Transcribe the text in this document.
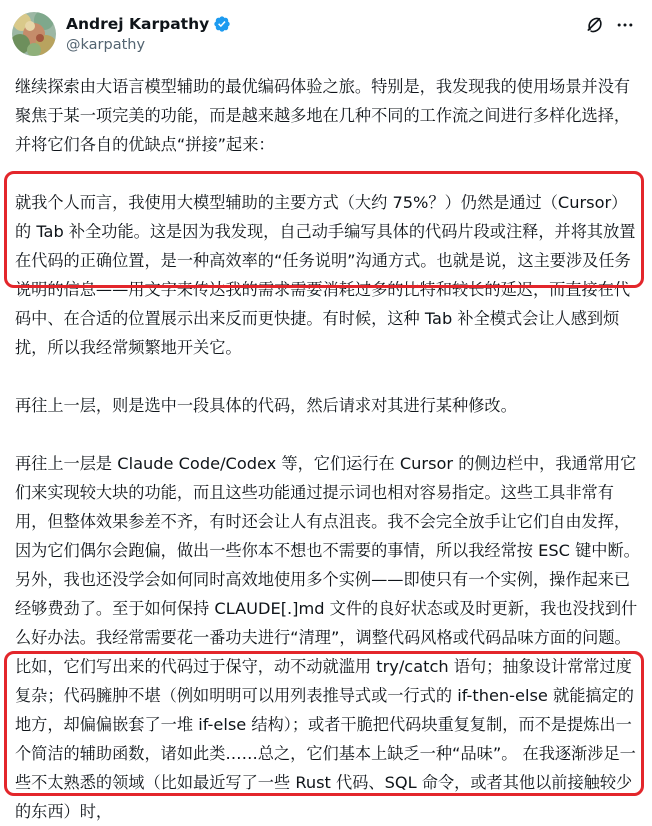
Andrej Karpathy
@karpathy

继续探索由大语言模型辅助的最优编码体验之旅。特别是，我发现我的使用场景并没有聚焦于某一项完美的功能，而是越来越多地在几种不同的工作流之间进行多样化选择，并将它们各自的优缺点“拼接”起来：

就我个人而言，我使用大模型辅助的主要方式（大约 75%？）仍然是通过（Cursor）的 Tab 补全功能。这是因为我发现，自己动手编写具体的代码片段或注释，并将其放置在代码的正确位置，是一种高效率的“任务说明”沟通方式。也就是说，这主要涉及任务说明的信息——用文字来传达我的需求需要消耗过多的比特和较长的延迟，而直接在代码中、在合适的位置展示出来反而更快捷。有时候，这种 Tab 补全模式会让人感到烦扰，所以我经常频繁地开关它。

再往上一层，则是选中一段具体的代码，然后请求对其进行某种修改。

再往上一层是 Claude Code/Codex 等，它们运行在 Cursor 的侧边栏中，我通常用它们来实现较大块的功能，而且这些功能通过提示词也相对容易指定。这些工具非常有用，但整体效果参差不齐，有时还会让人有点沮丧。我不会完全放手让它们自由发挥，因为它们偶尔会跑偏，做出一些你本不想也不需要的事情，所以我经常按 ESC 键中断。另外，我也还没学会如何同时高效地使用多个实例——即使只有一个实例，操作起来已经够费劲了。至于如何保持 CLAUDE[.]md 文件的良好状态或及时更新，我也没找到什么好办法。我经常需要花一番功夫进行“清理”，调整代码风格或代码品味方面的问题。比如，它们写出来的代码过于保守，动不动就滥用 try/catch 语句；抽象设计常常过度复杂；代码臃肿不堪（例如明明可以用列表推导式或一行式的 if-then-else 就能搞定的地方，却偏偏嵌套了一堆 if-else 结构）；或者干脆把代码块重复复制，而不是提炼出一个简洁的辅助函数，诸如此类……总之，它们基本上缺乏一种“品味”。 在我逐渐涉足一些不太熟悉的领域（比如最近写了一些 Rust 代码、SQL 命令，或者其他以前接触较少的东西）时，
